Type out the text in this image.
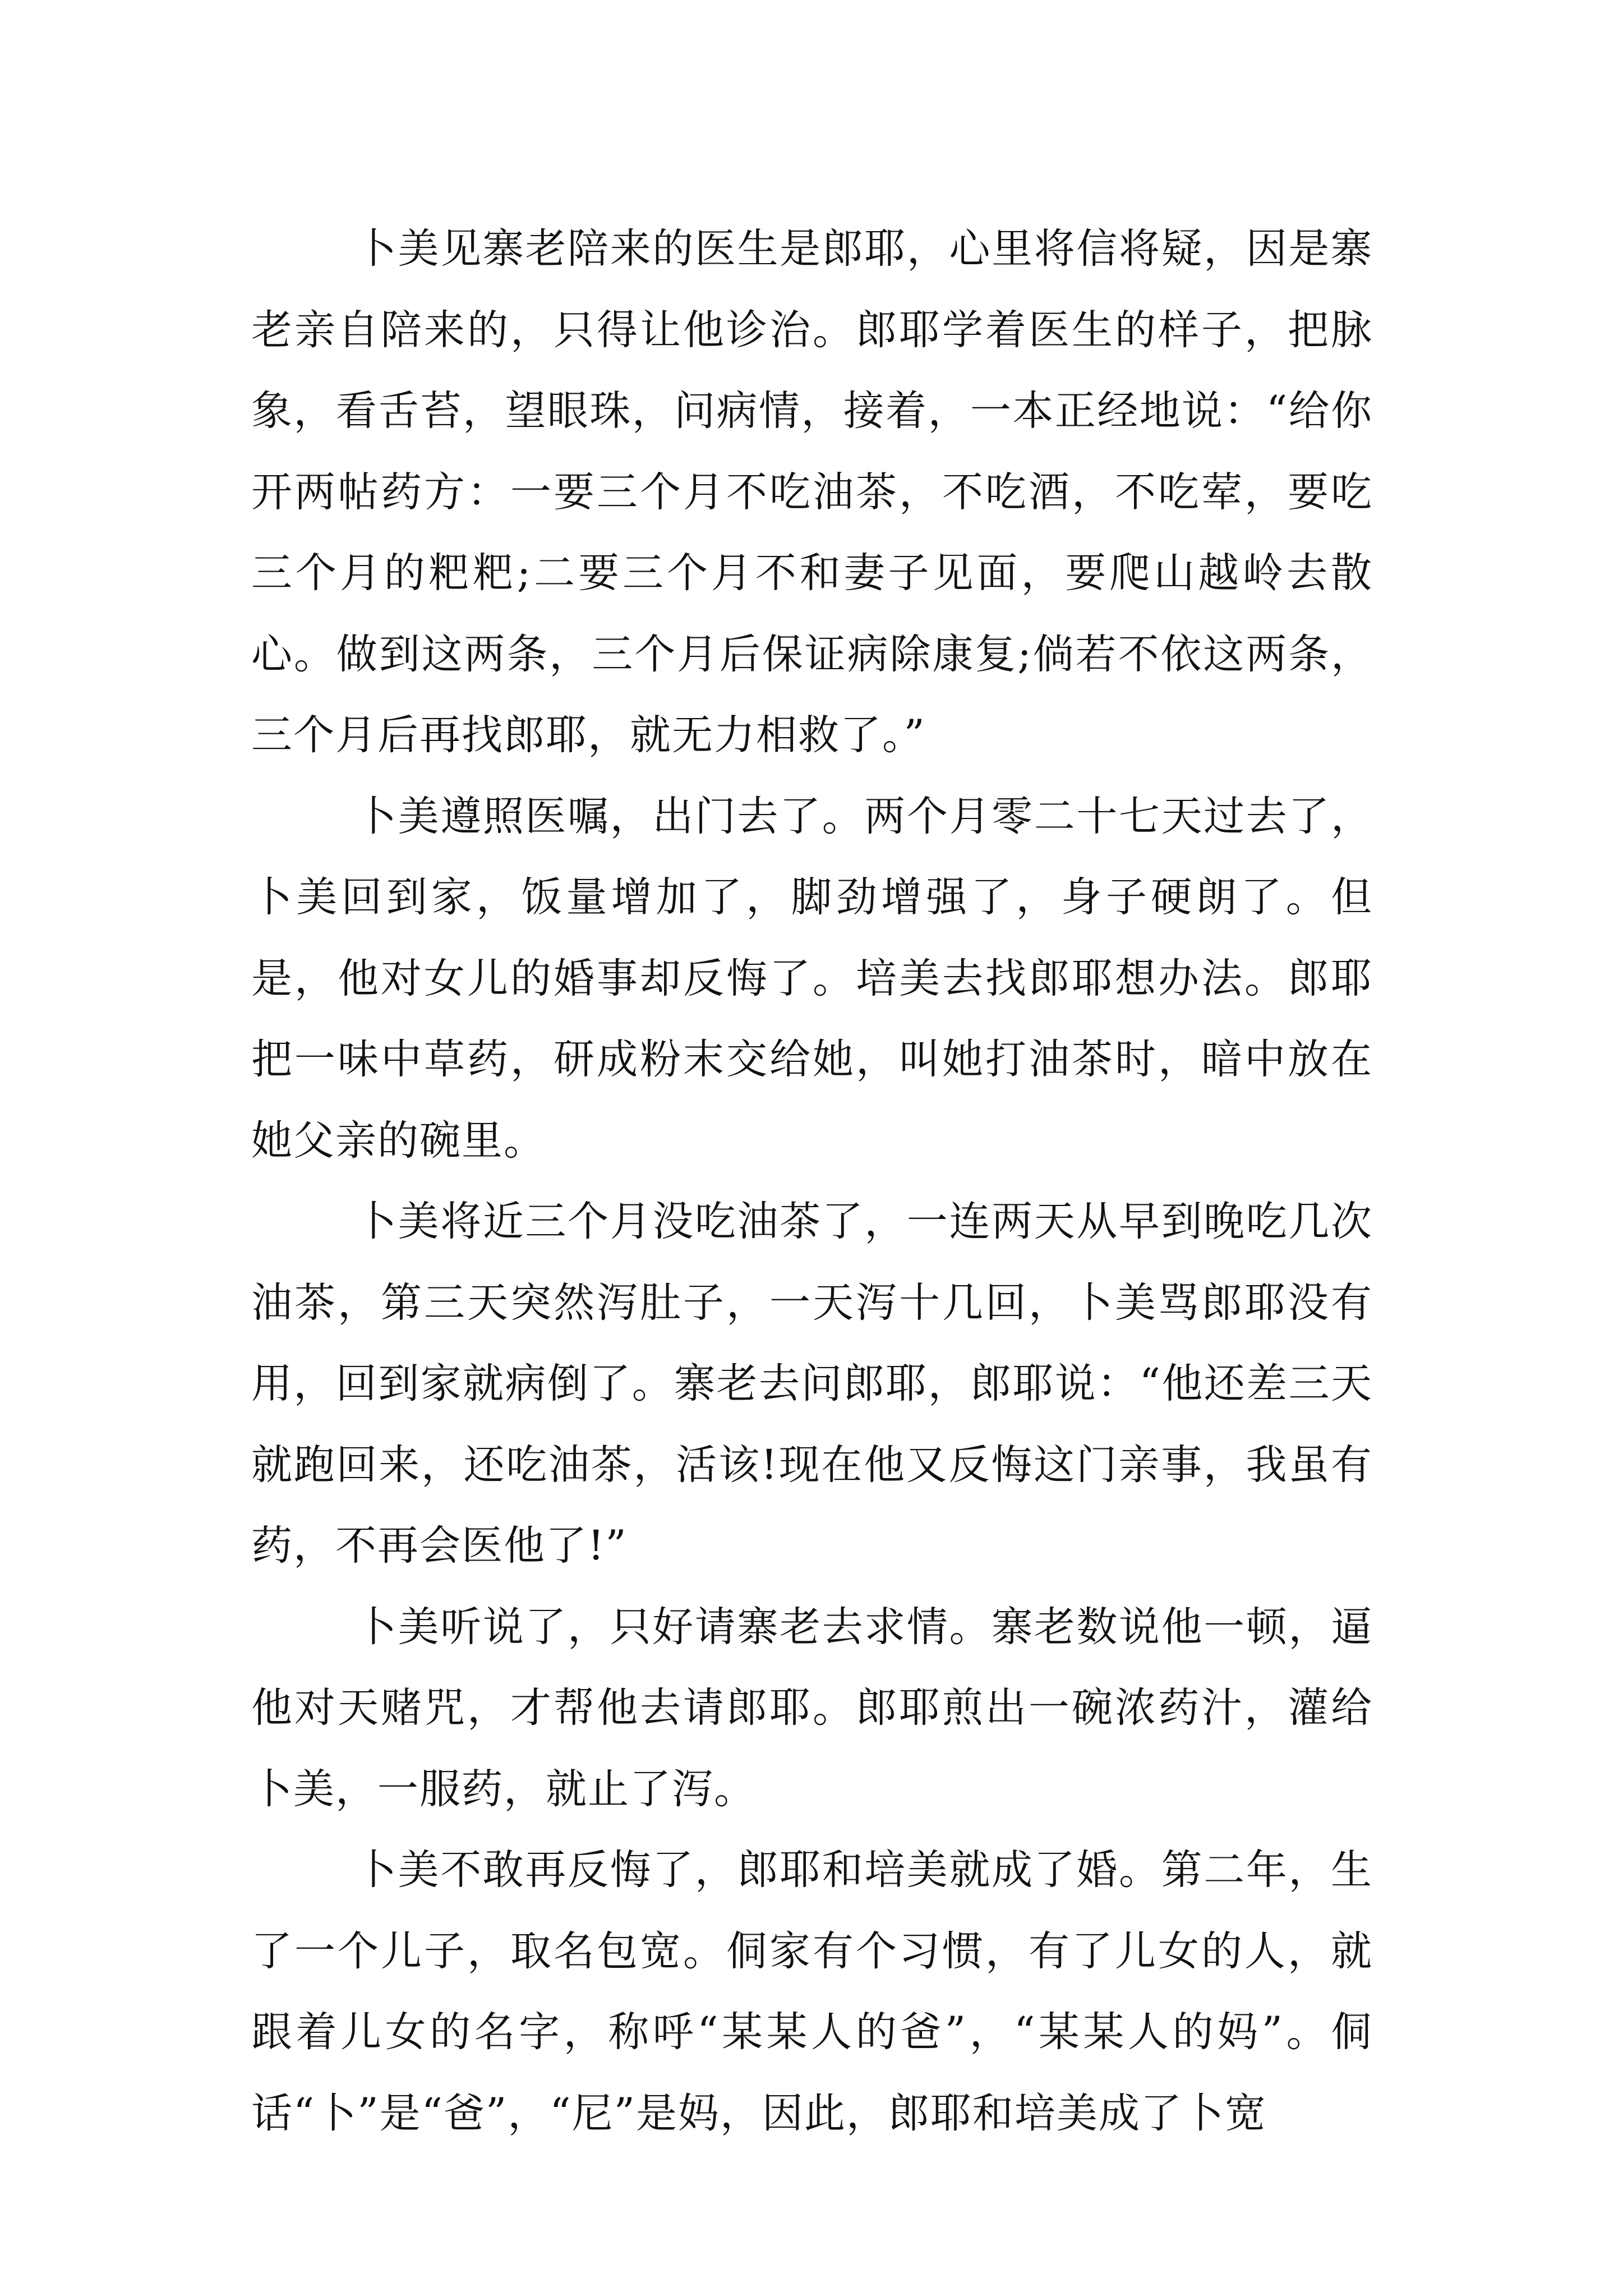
卜美见寨老陪来的医生是郎耶，心里将信将疑，因是寨老亲自陪来的，只得让他诊治。郎耶学着医生的样子，把脉象，看舌苔，望眼珠，问病情，接着，一本正经地说：“给你开两帖药方：一要三个月不吃油茶，不吃酒，不吃荤，要吃三个月的粑粑;二要三个月不和妻子见面，要爬山越岭去散心。做到这两条，三个月后保证病除康复;倘若不依这两条，三个月后再找郎耶，就无力相救了。”

卜美遵照医嘱，出门去了。两个月零二十七天过去了，卜美回到家，饭量增加了，脚劲增强了，身子硬朗了。但是，他对女儿的婚事却反悔了。培美去找郎耶想办法。郎耶把一味中草药，研成粉末交给她，叫她打油茶时，暗中放在她父亲的碗里。

卜美将近三个月没吃油茶了，一连两天从早到晚吃几次油茶，第三天突然泻肚子，一天泻十几回，卜美骂郎耶没有用，回到家就病倒了。寨老去问郎耶，郎耶说：“他还差三天就跑回来，还吃油茶，活该!现在他又反悔这门亲事，我虽有药，不再会医他了!”

卜美听说了，只好请寨老去求情。寨老数说他一顿，逼他对天赌咒，才帮他去请郎耶。郎耶煎出一碗浓药汁，灌给卜美，一服药，就止了泻。

卜美不敢再反悔了，郎耶和培美就成了婚。第二年，生了一个儿子，取名包宽。侗家有个习惯，有了儿女的人，就跟着儿女的名字，称呼“某某人的爸”，“某某人的妈”。侗话“卜”是“爸”，“尼”是妈，因此，郎耶和培美成了卜宽
